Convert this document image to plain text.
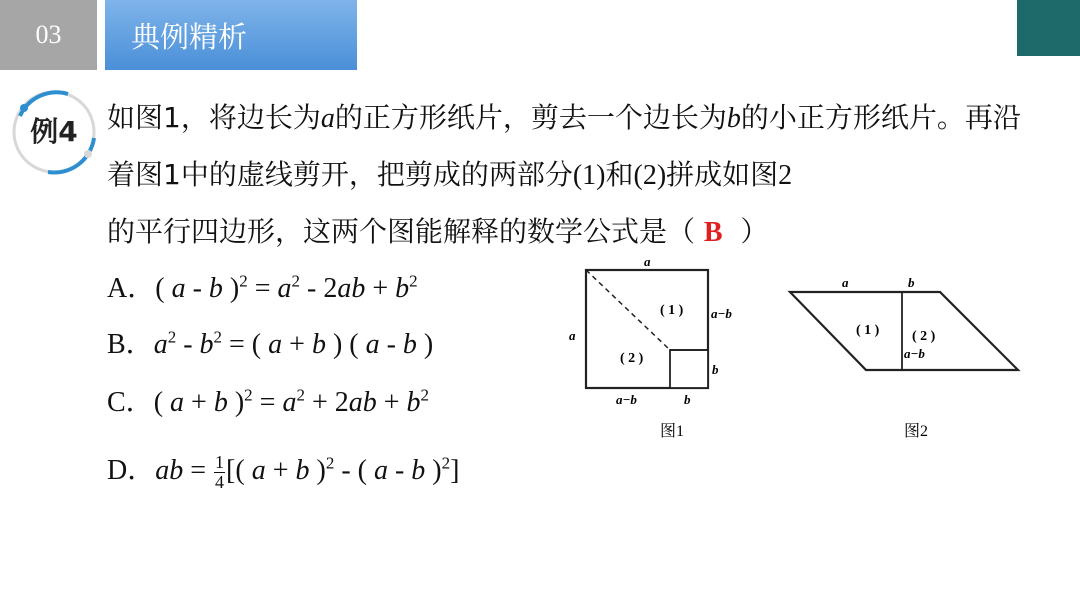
03	典例精析
例4	如图1，将边长为a的正方形纸片，剪去一个边长为b的小正方形纸片。再沿着图1中的虚线剪开，把剪成的两部分(1)和(2)拼成如图2
的平行四边形，这两个图能解释的数学公式是（ B ）
A．( a - b )$^2 = a^2 - 2ab + b^2$
B．$a^2 - b^2$ = ( a + b ) ( a - b )
C．( a + b )$^2 = a^2 + 2ab + b^2$
D．ab = $\frac{1}{4}$ [( a + b )$^2$ - ( a - b )$^2$]
a
a
a−b
b
a−b	b
( 1 )
( 2 )
图1
a	b
( 1 ) ( 2 )
a−b
图2
